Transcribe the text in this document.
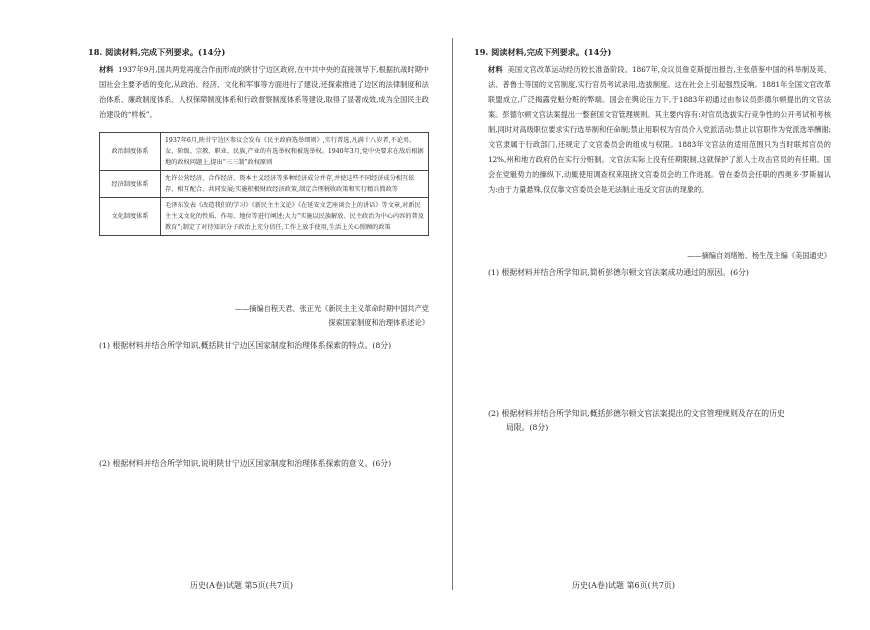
18. 阅读材料,完成下列要求。(14分)
材料 1937年9月,国共两党再度合作而形成的陕甘宁边区政府,在中共中央的直接领导下,根据抗战时期中国社会主要矛盾的变化,从政治、经济、文化和军事等方面进行了建设,还探索推进了边区的法律制度和法治体系、廉政制度体系、人权保障制度体系和行政督察制度体系等建设,取得了显著成效,成为全国民主政治建设的“样板”。
政治制度体系	1937年6月,陕甘宁边区参议会发布《民主政府选举细则》,实行普选,凡满十八岁者,不论男、女、阶级、宗教、职业、民族,产业的有选举权和被选举权。1940年3月,党中央要求在敌后根据地的政权问题上,提出“三三制”政权原则
经济制度体系	允许公营经济、合作经济、资本主义经济等多种经济成分并存,并使这些不同经济成分相互依存、相互配合、共同发展;实施积极财政经济政策,制定合理税收政策和实行精兵简政等
文化制度体系	毛泽东发表《改造我们的学习》《新民主主义论》《在延安文艺座谈会上的讲话》等文章,对新民主主义文化的性质、作用、地位等进行阐述;大力“实施以民族解放、民主政治为中心内容的普及教育”;制定了对待知识分子政治上充分信任,工作上放手使用,生活上关心照顾的政策
——摘编自程天君、张正光《新民主主义革命时期中国共产党
探索国家制度和治理体系述论》
(1) 根据材料并结合所学知识,概括陕甘宁边区国家制度和治理体系探索的特点。(8分)
(2) 根据材料并结合所学知识,说明陕甘宁边区国家制度和治理体系探索的意义。(6分)
历史(A卷)试题 第5页(共7页)
19. 阅读材料,完成下列要求。(14分)
材料 美国文官改革运动经历较长准备阶段。1867年,众议员詹克斯提出报告,主张借鉴中国的科举制及英、法、普鲁士等国的文官制度,实行官员考试录用,选拔制度。这在社会上引起强烈反响。1881年全国文官改革联盟成立,广泛揭露党魁分赃的弊端。国会在舆论压力下,于1883年初通过由参议员彭德尔顿提出的文官法案。彭德尔顿文官法案提出一整套国文官管理规则。其主要内容有:对官员选拔实行竞争性的公开考试和考核制,同时对高级职位要求实行选举制和任命制;禁止用职权为官员介入党派活动;禁止以官职作为党派选举酬谢;文官隶属于行政部门,还规定了文官委员会的组成与权限。1883年文官法的适用范围只为当时联邦官员的12%,州和地方政府仍在实行分赃制。文官法实际上没有任期限制,这就保护了派人士攻击官员的有任期。国会在党魁势力的操纵下,动辄使用调查权来阻挠文官委员会的工作进展。曾在委员会任职的西奥多·罗斯福认为:由于力量悬殊,仅仅靠文官委员会是无法制止违反文官法的现象的。
——摘编自刘绪贻、杨生茂主编《美国通史》
(1) 根据材料并结合所学知识,简析彭德尔顿文官法案成功通过的原因。(6分)
(2) 根据材料并结合所学知识,概括彭德尔顿文官法案提出的文官管理规则及存在的历史
局限。(8分)
历史(A卷)试题 第6页(共7页)
